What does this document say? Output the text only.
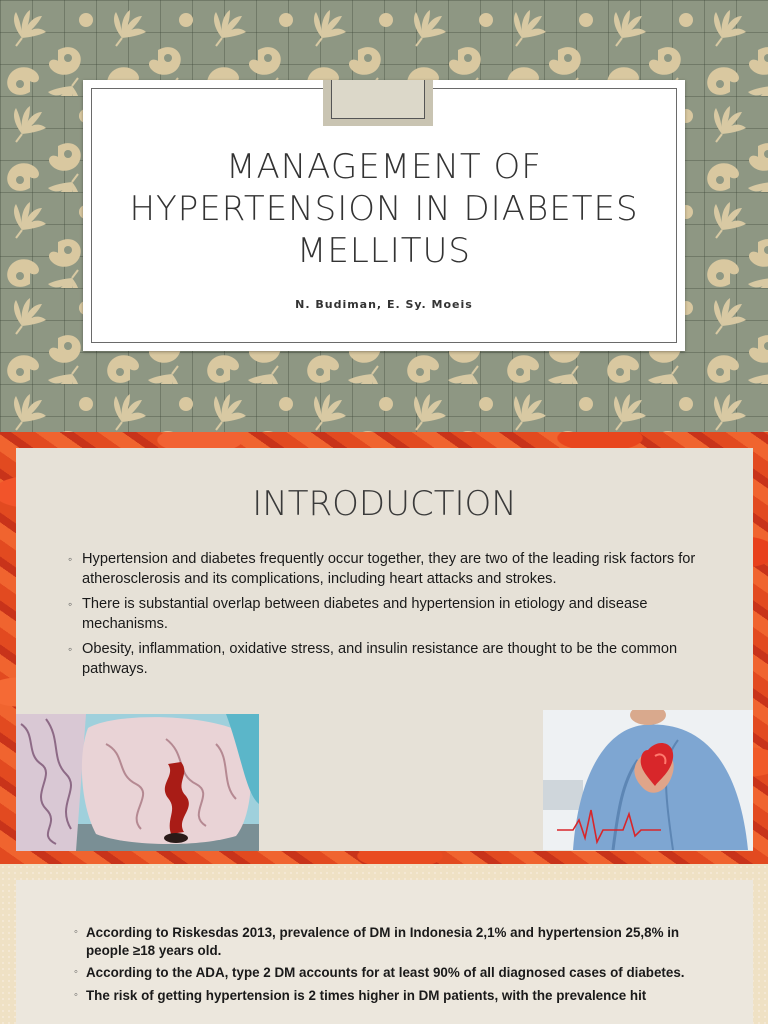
MANAGEMENT OF HYPERTENSION IN DIABETES MELLITUS
N. Budiman, E. Sy. Moeis
INTRODUCTION
◦ Hypertension and diabetes frequently occur together, they are two of the leading risk factors for atherosclerosis and its complications, including heart attacks and strokes.
◦ There is substantial overlap between diabetes and hypertension in etiology and disease mechanisms.
◦ Obesity, inflammation, oxidative stress, and insulin resistance are thought to be the common pathways.
◦ According to Riskesdas 2013, prevalence of DM in Indonesia 2,1% and hypertension 25,8% in people ≥18 years old.
◦ According to the ADA, type 2 DM accounts for at least 90% of all diagnosed cases of diabetes.
◦ The risk of getting hypertension is 2 times higher in DM patients, with the prevalence hit
